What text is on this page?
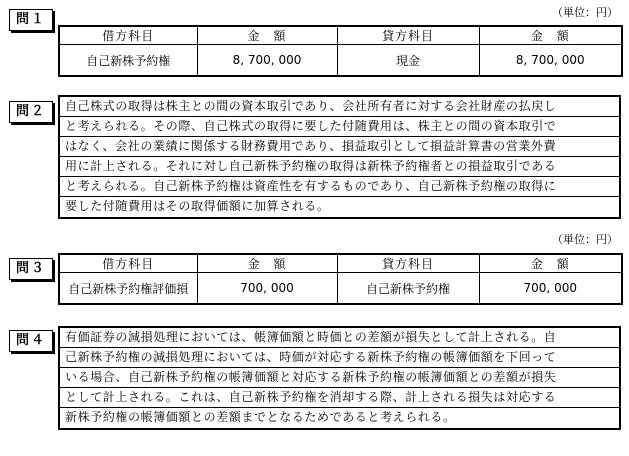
問１	（単位：円）
借方科目	金　額	貸方科目	金　額
自己新株予約権	8, 700, 000	現金	8, 700, 000
問２	自己株式の取得は株主との間の資本取引であり、会社所有者に対する会社財産の払戻し
と考えられる。その際、自己株式の取得に要した付随費用は、株主との間の資本取引で
はなく、会社の業績に関係する財務費用であり、損益取引として損益計算書の営業外費
用に計上される。それに対し自己新株予約権の取得は新株予約権者との損益取引である
と考えられる。自己新株予約権は資産性を有するものであり、自己新株予約権の取得に
要した付随費用はその取得価額に加算される。
（単位：円）
問３	借方科目	金　額	貸方科目	金　額
自己新株予約権評価損	700, 000	自己新株予約権	700, 000
問４	有価証券の減損処理においては、帳簿価額と時価との差額が損失として計上される。自
己新株予約権の減損処理においては、時価が対応する新株予約権の帳簿価額を下回って
いる場合、自己新株予約権の帳簿価額と対応する新株予約権の帳簿価額との差額が損失
として計上される。これは、自己新株予約権を消却する際、計上される損失は対応する
新株予約権の帳簿価額との差額までとなるためであると考えられる。
